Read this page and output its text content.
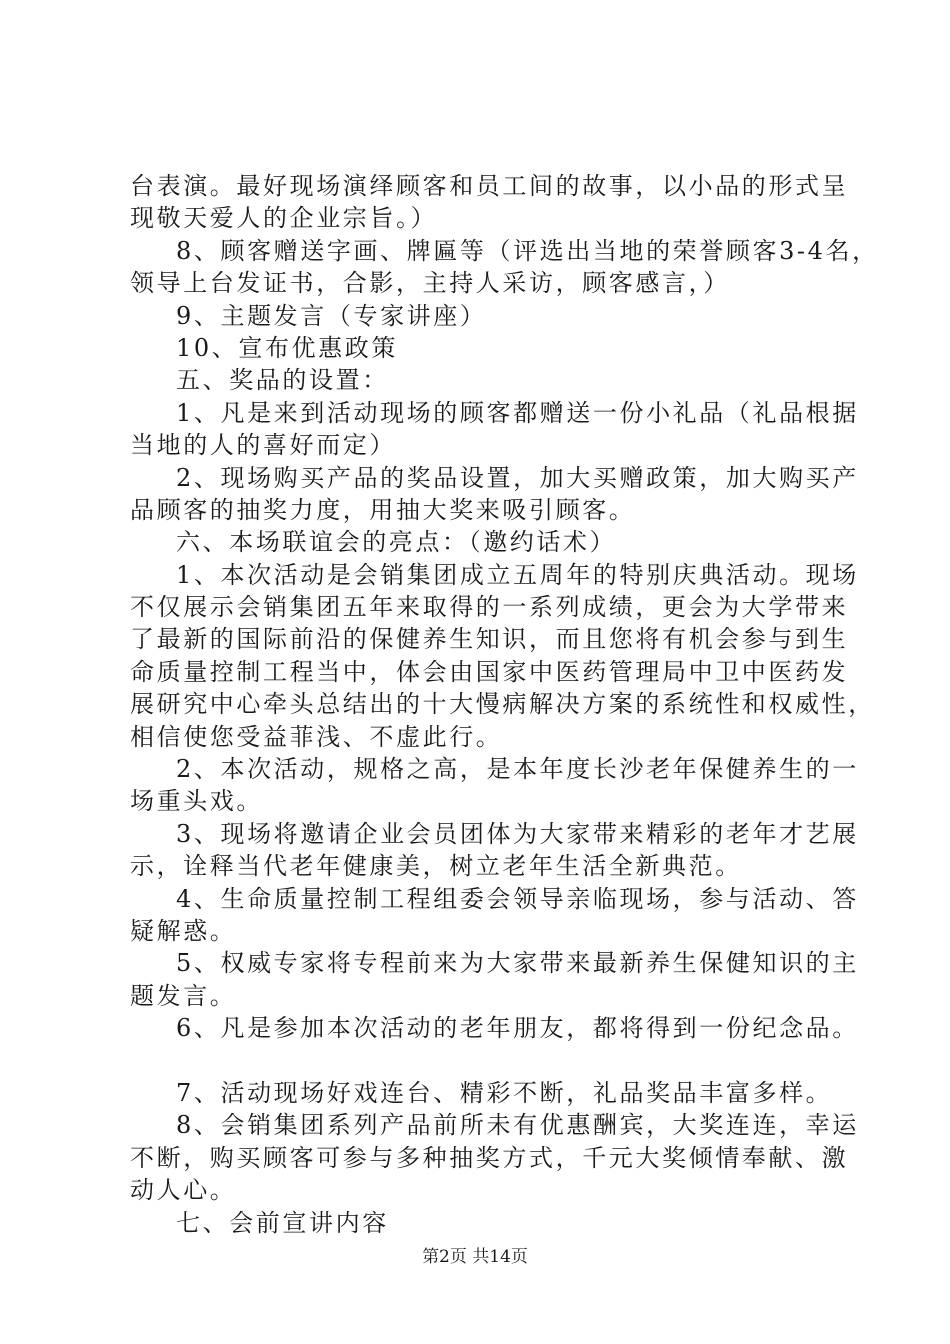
台表演。最好现场演绎顾客和员工间的故事，以小品的形式呈
现敬天爱人的企业宗旨。）
8、顾客赠送字画、牌匾等（评选出当地的荣誉顾客3-4名，
领导上台发证书，合影，主持人采访，顾客感言，）
9、主题发言（专家讲座）
10、宣布优惠政策
五、奖品的设置：
1、凡是来到活动现场的顾客都赠送一份小礼品（礼品根据
当地的人的喜好而定）
2、现场购买产品的奖品设置，加大买赠政策，加大购买产
品顾客的抽奖力度，用抽大奖来吸引顾客。
六、本场联谊会的亮点：（邀约话术）
1、本次活动是会销集团成立五周年的特别庆典活动。现场
不仅展示会销集团五年来取得的一系列成绩，更会为大学带来
了最新的国际前沿的保健养生知识，而且您将有机会参与到生
命质量控制工程当中，体会由国家中医药管理局中卫中医药发
展研究中心牵头总结出的十大慢病解决方案的系统性和权威性，
相信使您受益菲浅、不虚此行。
2、本次活动，规格之高，是本年度长沙老年保健养生的一
场重头戏。
3、现场将邀请企业会员团体为大家带来精彩的老年才艺展
示，诠释当代老年健康美，树立老年生活全新典范。
4、生命质量控制工程组委会领导亲临现场，参与活动、答
疑解惑。
5、权威专家将专程前来为大家带来最新养生保健知识的主
题发言。
6、凡是参加本次活动的老年朋友，都将得到一份纪念品。
7、活动现场好戏连台、精彩不断，礼品奖品丰富多样。
8、会销集团系列产品前所未有优惠酬宾，大奖连连，幸运
不断，购买顾客可参与多种抽奖方式，千元大奖倾情奉献、激
动人心。
七、会前宣讲内容
第2页 共14页
